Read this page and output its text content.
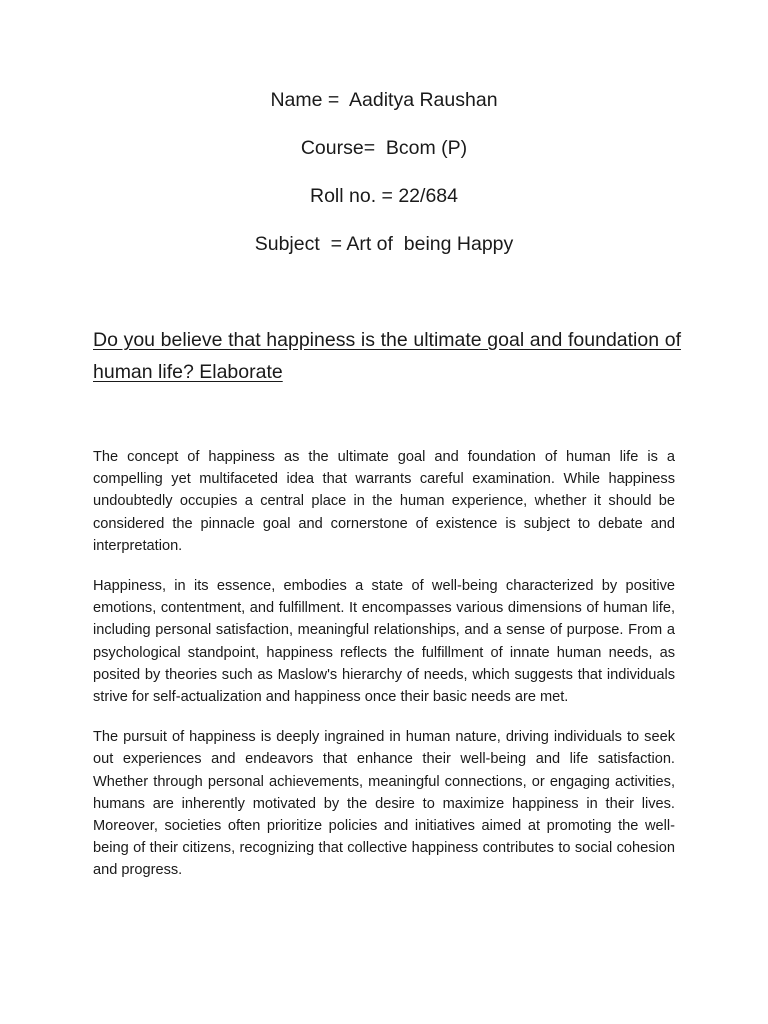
Name =  Aaditya Raushan
Course=  Bcom (P)
Roll no. = 22/684
Subject  = Art of  being Happy
Do you believe that happiness is the ultimate goal and foundation of human life? Elaborate

The concept of happiness as the ultimate goal and foundation of human life is a compelling yet multifaceted idea that warrants careful examination. While happiness undoubtedly occupies a central place in the human experience, whether it should be considered the pinnacle goal and cornerstone of existence is subject to debate and interpretation.

Happiness, in its essence, embodies a state of well-being characterized by positive emotions, contentment, and fulfillment. It encompasses various dimensions of human life, including personal satisfaction, meaningful relationships, and a sense of purpose. From a psychological standpoint, happiness reflects the fulfillment of innate human needs, as posited by theories such as Maslow's hierarchy of needs, which suggests that individuals strive for self-actualization and happiness once their basic needs are met.

The pursuit of happiness is deeply ingrained in human nature, driving individuals to seek out experiences and endeavors that enhance their well-being and life satisfaction. Whether through personal achievements, meaningful connections, or engaging activities, humans are inherently motivated by the desire to maximize happiness in their lives. Moreover, societies often prioritize policies and initiatives aimed at promoting the well-being of their citizens, recognizing that collective happiness contributes to social cohesion and progress.
